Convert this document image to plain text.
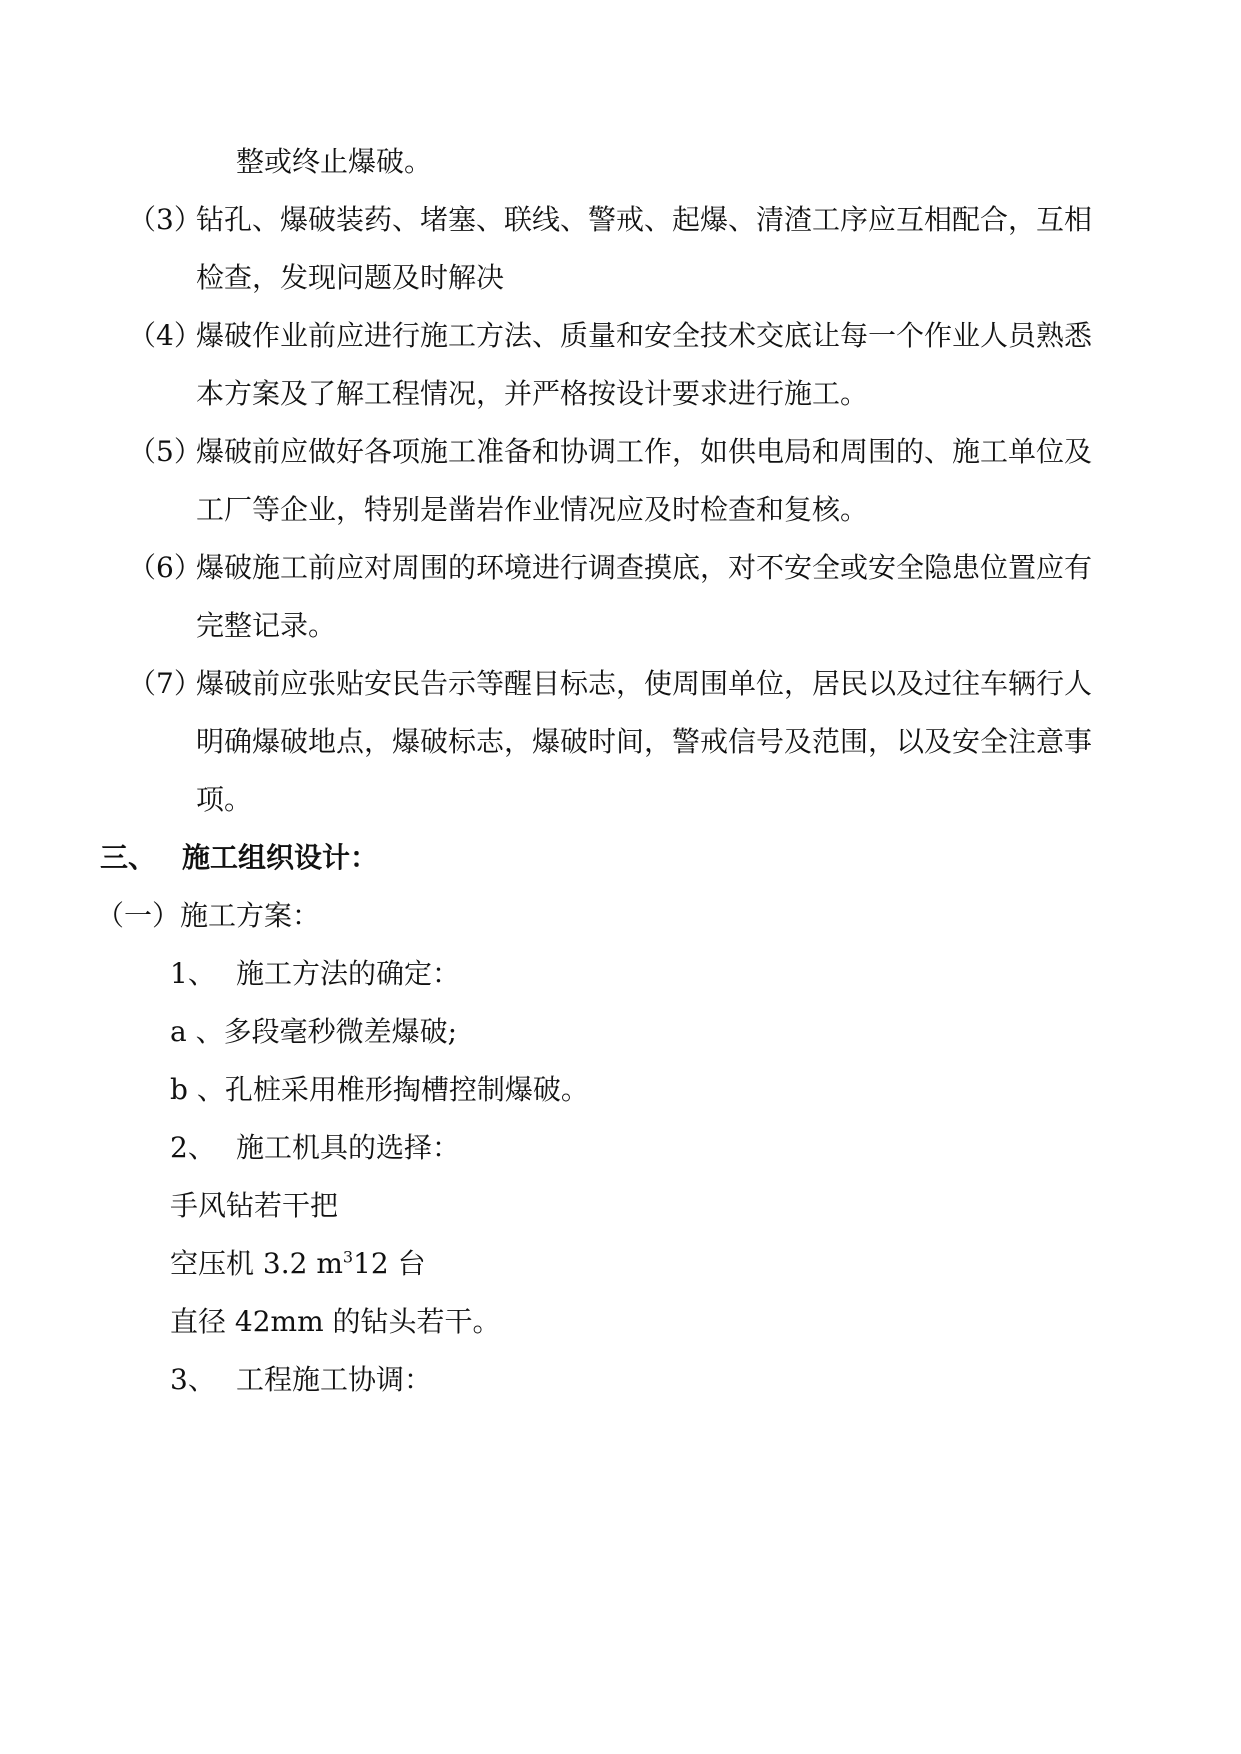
整或终止爆破。
（3）
钻孔、爆破装药、堵塞、联线、警戒、起爆、清渣工序应互相配合，互相
检查，发现问题及时解决
（4）
爆破作业前应进行施工方法、质量和安全技术交底让每一个作业人员熟悉
本方案及了解工程情况，并严格按设计要求进行施工。
（5）
爆破前应做好各项施工准备和协调工作，如供电局和周围的、施工单位及
工厂等企业，特别是凿岩作业情况应及时检查和复核。
（6）
爆破施工前应对周围的环境进行调查摸底，对不安全或安全隐患位置应有
完整记录。
（7）
爆破前应张贴安民告示等醒目标志，使周围单位，居民以及过往车辆行人
明确爆破地点，爆破标志，爆破时间，警戒信号及范围，以及安全注意事
项。
三、 施工组织设计：
（一）施工方案：
1、 施工方法的确定：
a 、多段毫秒微差爆破;
b 、孔桩采用椎形掏槽控制爆破。
2、 施工机具的选择：
手风钻若干把
空压机 3.2 $m^312$ 台
直径 42mm 的钻头若干。
3、 工程施工协调：
